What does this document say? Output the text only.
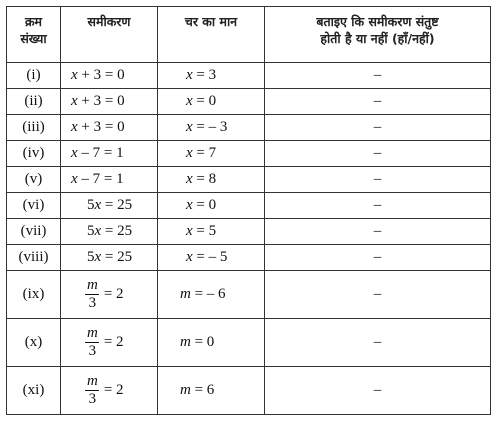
क्रम
संख्या	समीकरण	चर का मान	बताइए कि समीकरण संतुष्ट
होती है या नहीं (हाँ/नहीं)

(i)	x + 3 = 0	x = 3	–
(ii)	x + 3 = 0	x = 0	–
(iii)	x + 3 = 0	x = – 3	–
(iv)	x – 7 = 1	x = 7	–
(v)	x – 7 = 1	x = 8	–
(vi)	5x = 25	x = 0	–
(vii)	5x = 25	x = 5	–
(viii)	5x = 25	x = – 5	–
(ix)	m
3
= 2	m = – 6	–
(x)	m
3
= 2	m = 0	–
(xi)	m
3
= 2	m = 6	–
